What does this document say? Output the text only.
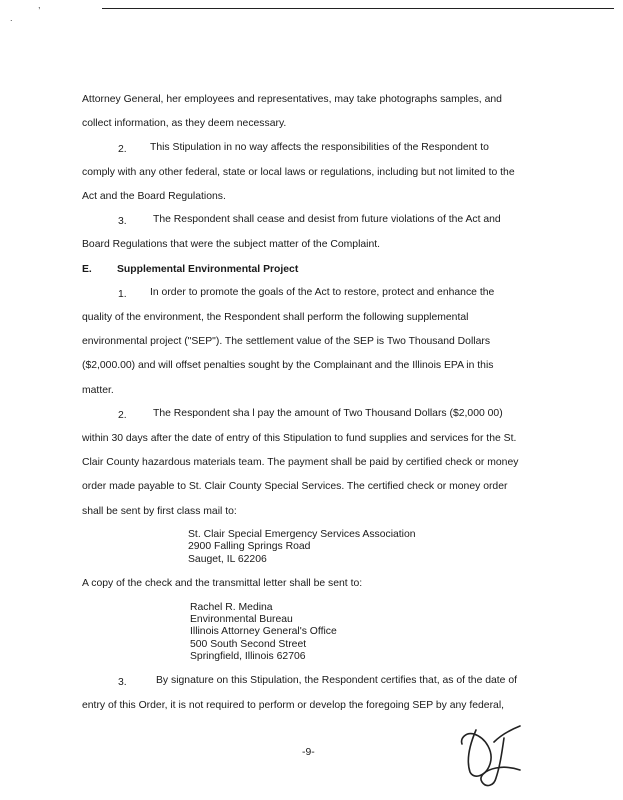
,
.
Attorney General, her employees and representatives, may take photographs samples, and
collect information, as they deem necessary.
2. This Stipulation in no way affects the responsibilities of the Respondent to
comply with any other federal, state or local laws or regulations, including but not limited to the
Act and the Board Regulations.
3.	The Respondent shall cease and desist from future violations of the Act and
Board Regulations that were the subject matter of the Complaint.
E. Supplemental Environmental Project
1. In order to promote the goals of the Act to restore, protect and enhance the
quality of the environment, the Respondent shall perform the following supplemental
environmental project ("SEP"). The settlement value of the SEP is Two Thousand Dollars
($2,000.00) and will offset penalties sought by the Complainant and the Illinois EPA in this
matter.
2.	The Respondent sha l pay the amount of Two Thousand Dollars ($2,000 00)
within 30 days after the date of entry of this Stipulation to fund supplies and services for the St.
Clair County hazardous materials team. The payment shall be paid by certified check or money
order made payable to St. Clair County Special Services. The certified check or money order
shall be sent by first class mail to:
St. Clair Special Emergency Services Association
2900 Falling Springs Road
Sauget, IL 62206
A copy of the check and the transmittal letter shall be sent to:
Rachel R. Medina
Environmental Bureau
Illinois Attorney General's Office
500 South Second Street
Springfield, Illinois 62706
3.	By signature on this Stipulation, the Respondent certifies that, as of the date of
entry of this Order, it is not required to perform or develop the foregoing SEP by any federal,
-9-
